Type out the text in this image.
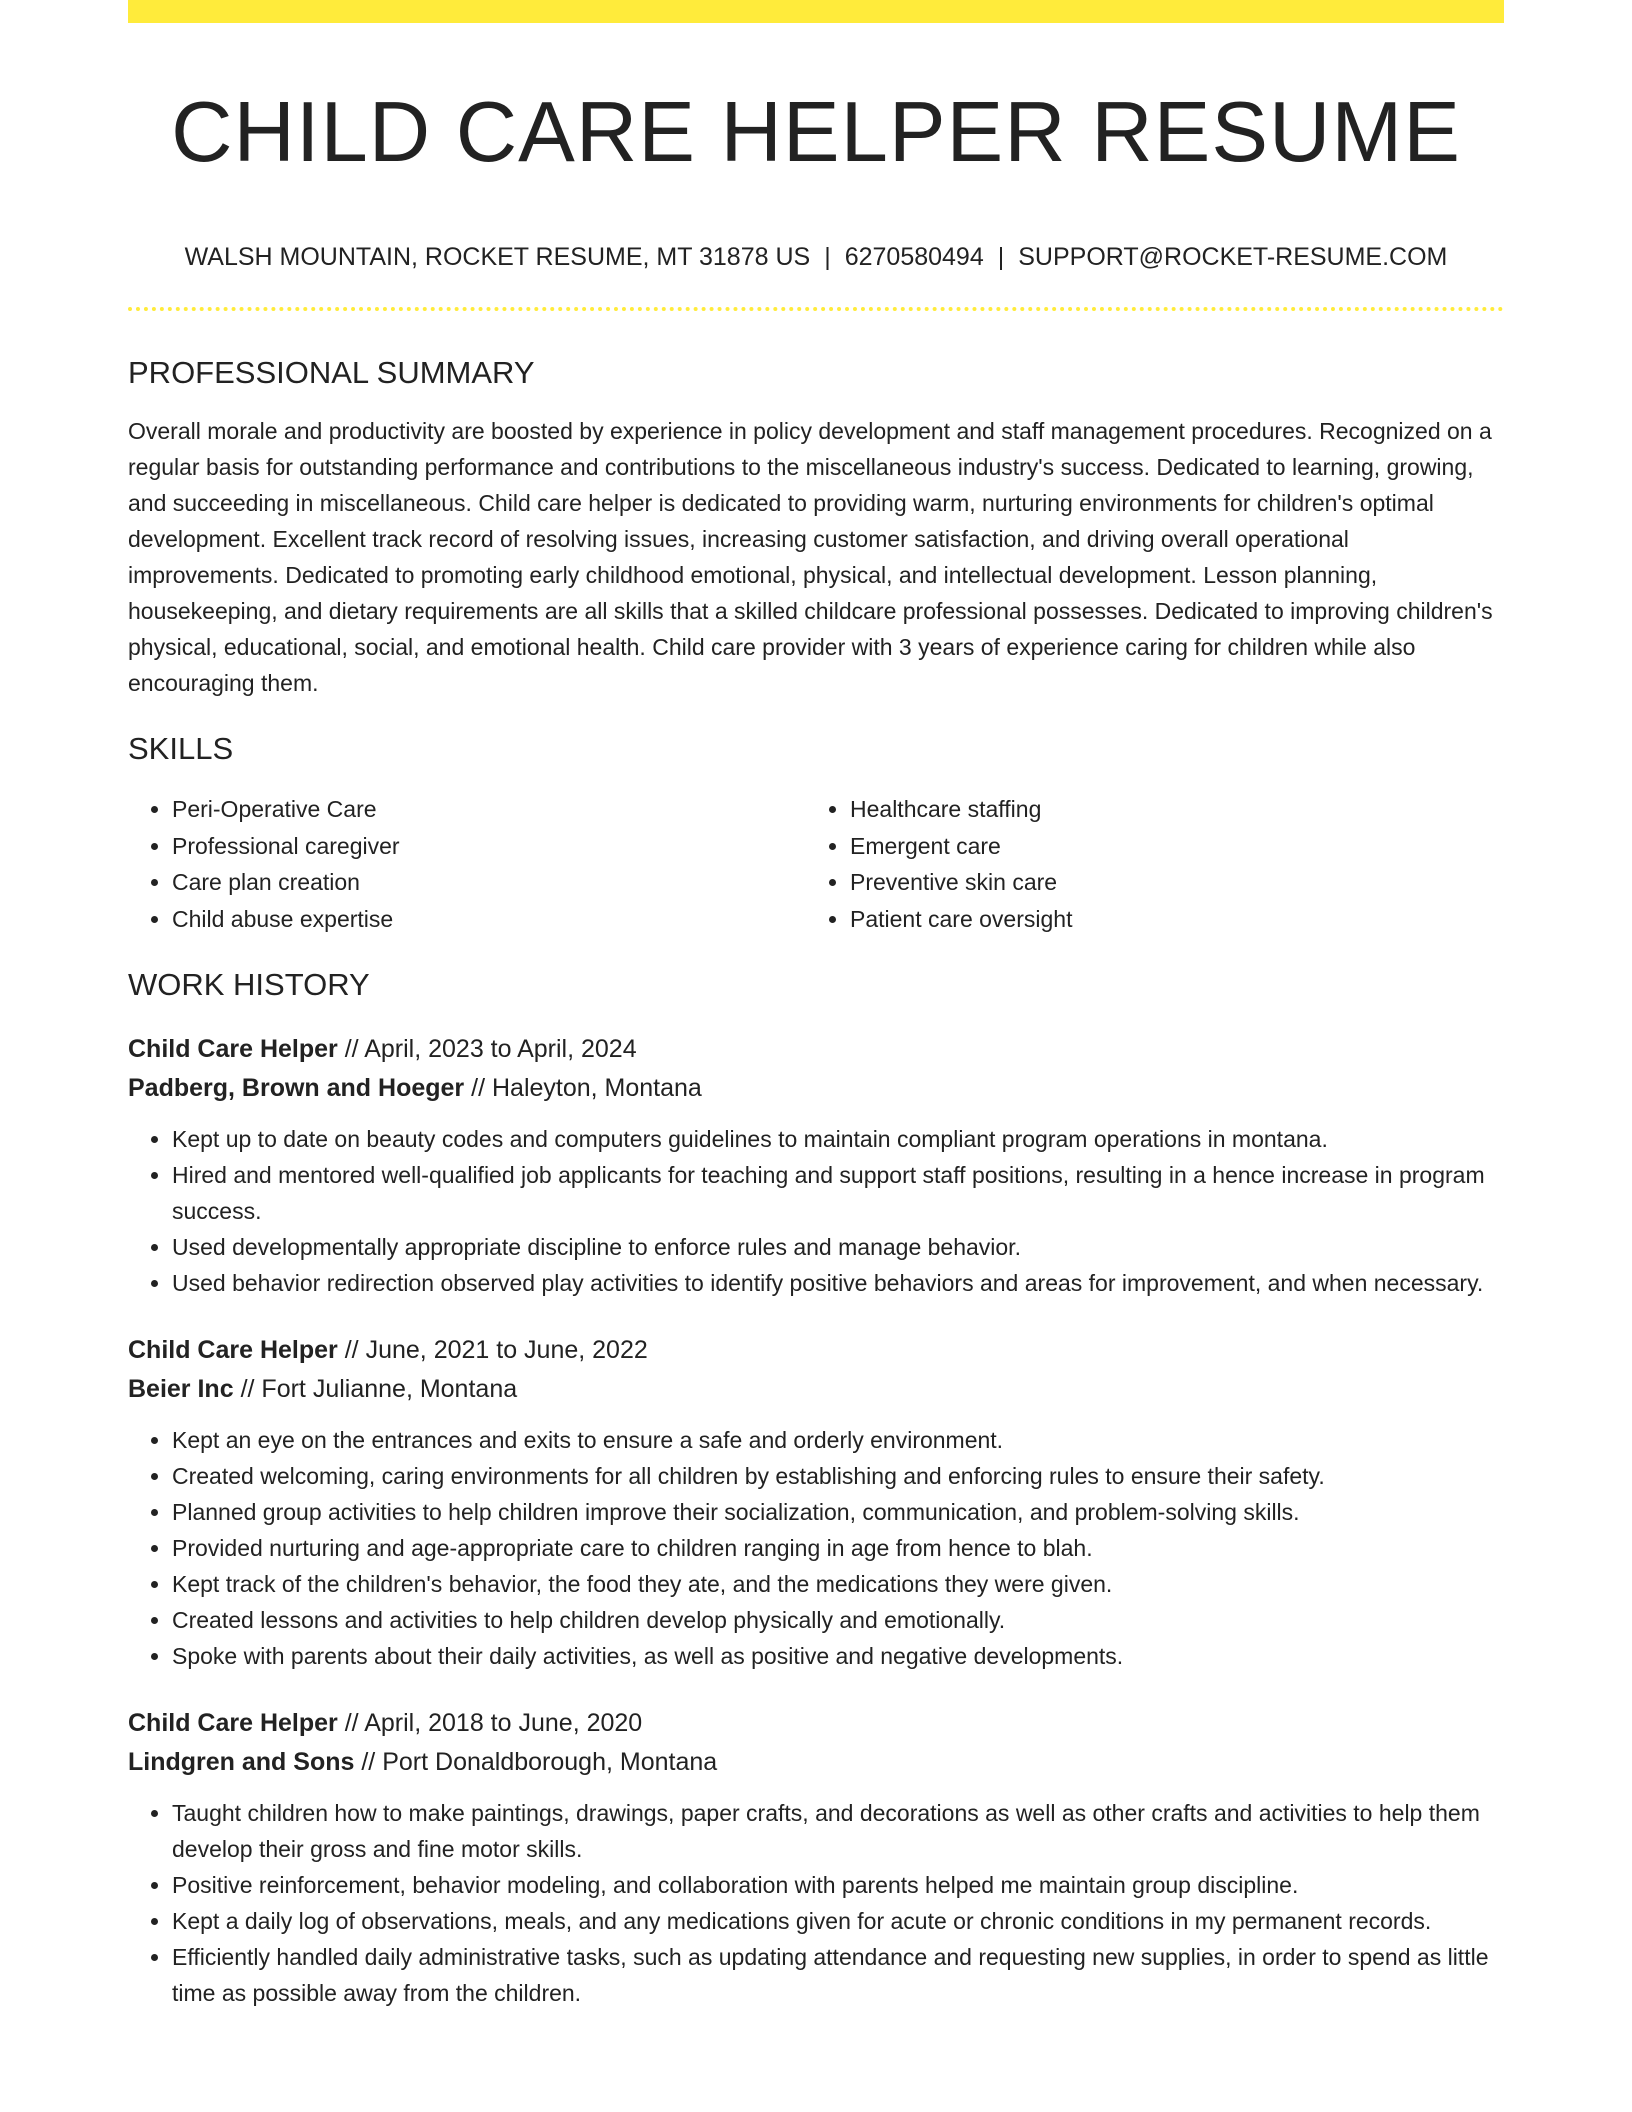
CHILD CARE HELPER RESUME
WALSH MOUNTAIN, ROCKET RESUME, MT 31878 US | 6270580494 | SUPPORT@ROCKET-RESUME.COM
PROFESSIONAL SUMMARY

Overall morale and productivity are boosted by experience in policy development and staff management procedures. Recognized on a regular basis for outstanding performance and contributions to the miscellaneous industry's success. Dedicated to learning, growing, and succeeding in miscellaneous. Child care helper is dedicated to providing warm, nurturing environments for children's optimal development. Excellent track record of resolving issues, increasing customer satisfaction, and driving overall operational improvements. Dedicated to promoting early childhood emotional, physical, and intellectual development. Lesson planning, housekeeping, and dietary requirements are all skills that a skilled childcare professional possesses. Dedicated to improving children's physical, educational, social, and emotional health. Child care provider with 3 years of experience caring for children while also encouraging them.

SKILLS
• Peri-Operative Care
• Professional caregiver
• Care plan creation
• Child abuse expertise
• Healthcare staffing
• Emergent care
• Preventive skin care
• Patient care oversight
WORK HISTORY
Child Care Helper // April, 2023 to April, 2024
Padberg, Brown and Hoeger // Haleyton, Montana
• Kept up to date on beauty codes and computers guidelines to maintain compliant program operations in montana.
• Hired and mentored well-qualified job applicants for teaching and support staff positions, resulting in a hence increase in program success.
• Used developmentally appropriate discipline to enforce rules and manage behavior.
• Used behavior redirection observed play activities to identify positive behaviors and areas for improvement, and when necessary.
Child Care Helper // June, 2021 to June, 2022
Beier Inc // Fort Julianne, Montana
• Kept an eye on the entrances and exits to ensure a safe and orderly environment.
• Created welcoming, caring environments for all children by establishing and enforcing rules to ensure their safety.
• Planned group activities to help children improve their socialization, communication, and problem-solving skills.
• Provided nurturing and age-appropriate care to children ranging in age from hence to blah.
• Kept track of the children's behavior, the food they ate, and the medications they were given.
• Created lessons and activities to help children develop physically and emotionally.
• Spoke with parents about their daily activities, as well as positive and negative developments.
Child Care Helper // April, 2018 to June, 2020
Lindgren and Sons // Port Donaldborough, Montana
• Taught children how to make paintings, drawings, paper crafts, and decorations as well as other crafts and activities to help them develop their gross and fine motor skills.
• Positive reinforcement, behavior modeling, and collaboration with parents helped me maintain group discipline.
• Kept a daily log of observations, meals, and any medications given for acute or chronic conditions in my permanent records.
• Efficiently handled daily administrative tasks, such as updating attendance and requesting new supplies, in order to spend as little time as possible away from the children.
